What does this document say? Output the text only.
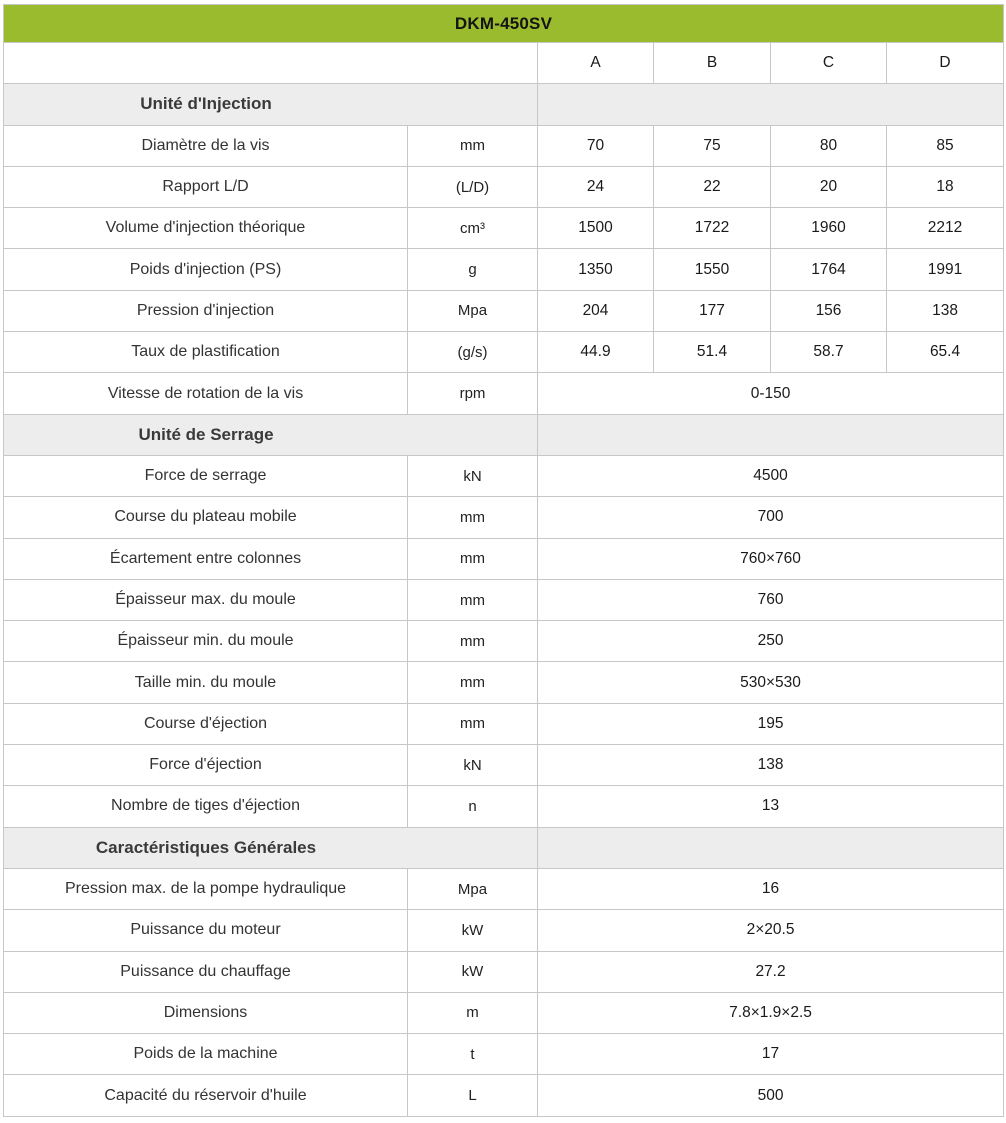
DKM-450SV					
		A	B	C	D

Unité d'Injection					

Diamètre de la vis	mm	70	75	80	85
Rapport L/D	(L/D)	24	22	20	18
Volume d'injection théorique	cm³	1500	1722	1960	2212
Poids d'injection (PS)	g	1350	1550	1764	1991
Pression d'injection	Mpa	204	177	156	138
Taux de plastification	(g/s)	44.9	51.4	58.7	65.4
Vitesse de rotation de la vis	rpm	0-150			

Unité de Serrage					

Force de serrage	kN	4500			
Course du plateau mobile	mm	700			
Écartement entre colonnes	mm	760×760			
Épaisseur max. du moule	mm	760			
Épaisseur min. du moule	mm	250			
Taille min. du moule	mm	530×530			
Course d'éjection	mm	195			
Force d'éjection	kN	138			
Nombre de tiges d'éjection	n	13			

Caractéristiques Générales					

Pression max. de la pompe hydraulique	Mpa	16			
Puissance du moteur	kW	2×20.5			
Puissance du chauffage	kW	27.2			
Dimensions	m	7.8×1.9×2.5			
Poids de la machine	t	17			
Capacité du réservoir d'huile	L	500			
